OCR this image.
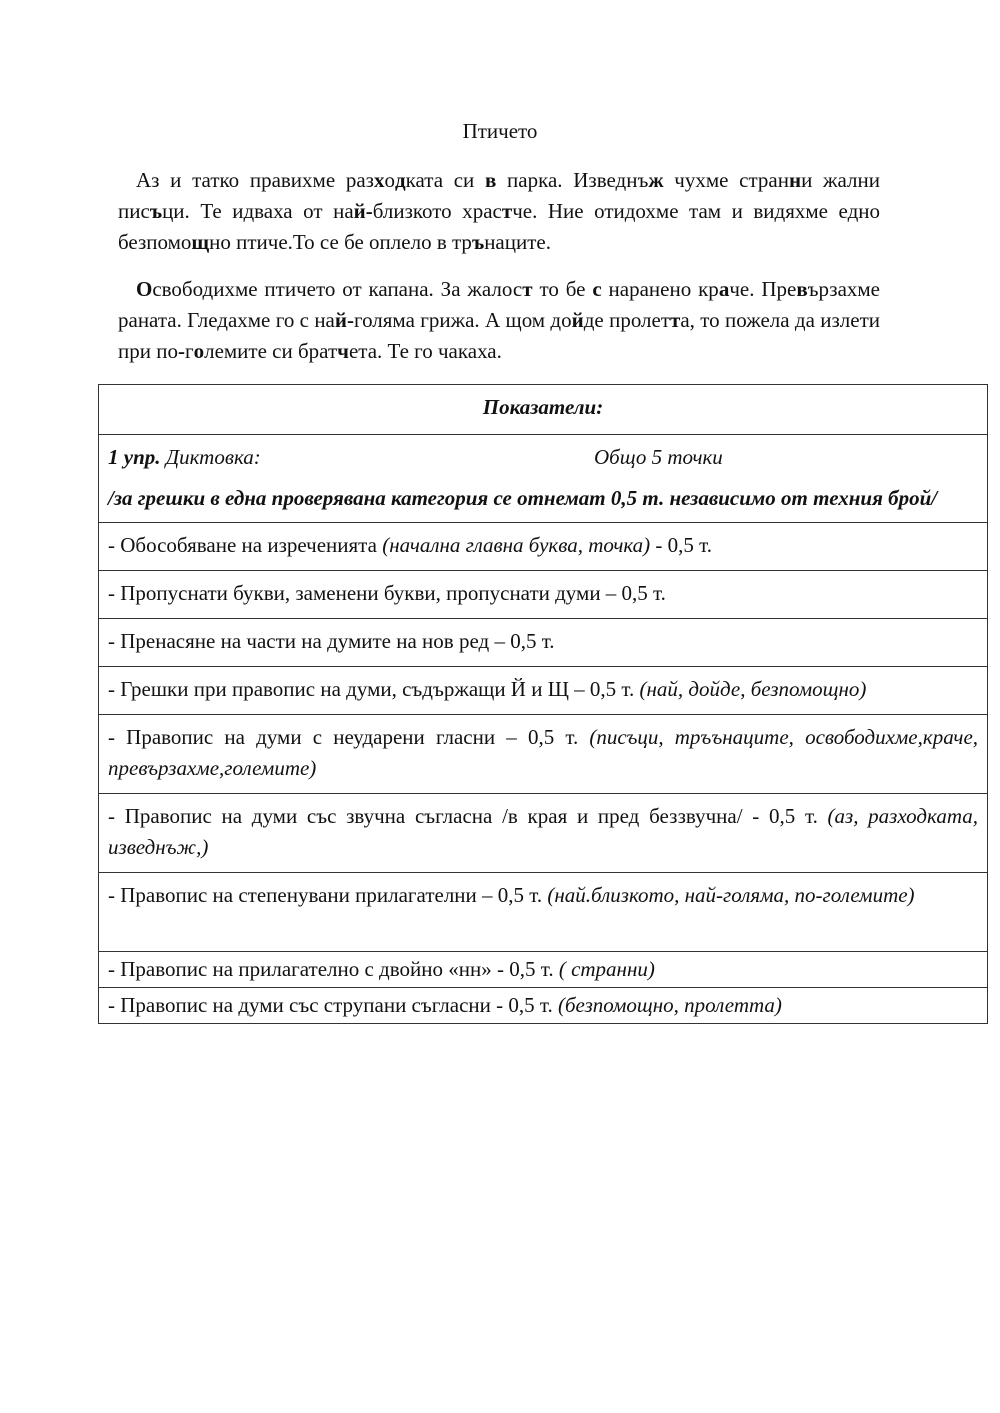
Птичето

Аз и татко правихме разходката си в парка. Изведнъж чухме странни жални писъци. Те идваха от най-близкото храстче. Ние отидохме там и видяхме едно безпомощно птиче.То се бе оплело в трънаците.

Освободихме птичето от капана. За жалост то бе с наранено краче. Превързахме раната. Гледахме го с най-голяма грижа. А щом дойде пролетта, то пожела да излети при по-големите си братчета. Те го чакаха.

Показатели:

1 упр. Диктовка:	Общо 5 точки
/за грешки в една проверявана категория се отнемат 0,5 т. независимо от техния брой/

- Обособяване на изреченията (начална главна буква, точка) - 0,5 т.
- Пропуснати букви, заменени букви, пропуснати думи – 0,5 т.
- Пренасяне на части на думите на нов ред – 0,5 т.
- Грешки при правопис на думи, съдържащи Й и Щ – 0,5 т. (най, дойде, безпомощно)
- Правопис на думи с неударени гласни – 0,5 т. (писъци, тръънаците, освободихме,краче, превързахме,големите)
- Правопис на думи със звучна съгласна /в края и пред беззвучна/ - 0,5 т. (аз, разходката, изведнъж,)
- Правопис на степенувани прилагателни – 0,5 т. (най.близкото, най-голяма, по-големите)
- Правопис на прилагателно с двойно «нн» - 0,5 т. ( странни)
- Правопис на думи със струпани съгласни - 0,5 т. (безпомощно, пролетта)
